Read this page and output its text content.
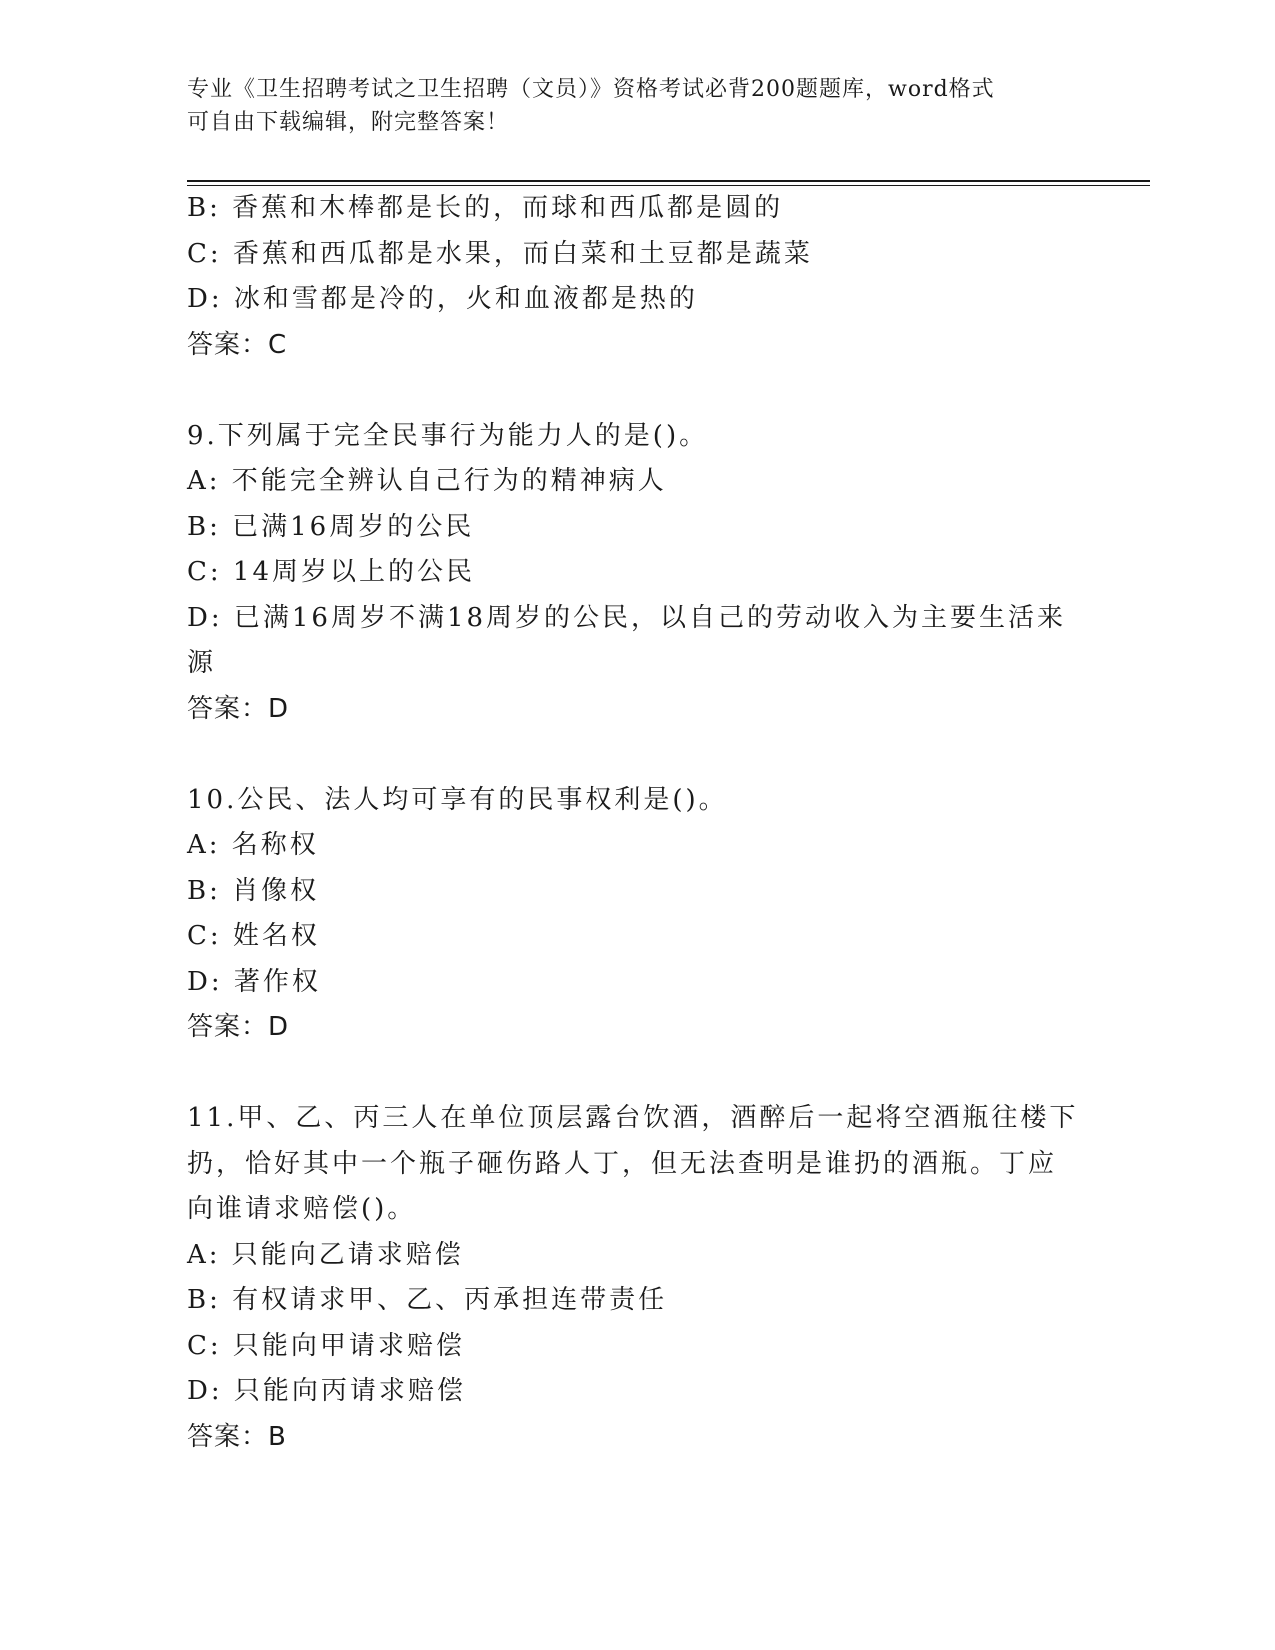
专业《卫生招聘考试之卫生招聘（文员）》资格考试必背200题题库，word格式
可自由下载编辑，附完整答案！
B: 香蕉和木棒都是长的，而球和西瓜都是圆的
C: 香蕉和西瓜都是水果，而白菜和土豆都是蔬菜
D: 冰和雪都是冷的，火和血液都是热的
答案：C
9.下列属于完全民事行为能力人的是()。
A: 不能完全辨认自己行为的精神病人
B: 已满16周岁的公民
C: 14周岁以上的公民
D: 已满16周岁不满18周岁的公民，以自己的劳动收入为主要生活来
源
答案：D
10.公民、法人均可享有的民事权利是()。
A: 名称权
B: 肖像权
C: 姓名权
D: 著作权
答案：D
11.甲、乙、丙三人在单位顶层露台饮酒，酒醉后一起将空酒瓶往楼下
扔，恰好其中一个瓶子砸伤路人丁，但无法查明是谁扔的酒瓶。丁应
向谁请求赔偿()。
A: 只能向乙请求赔偿
B: 有权请求甲、乙、丙承担连带责任
C: 只能向甲请求赔偿
D: 只能向丙请求赔偿
答案：B
